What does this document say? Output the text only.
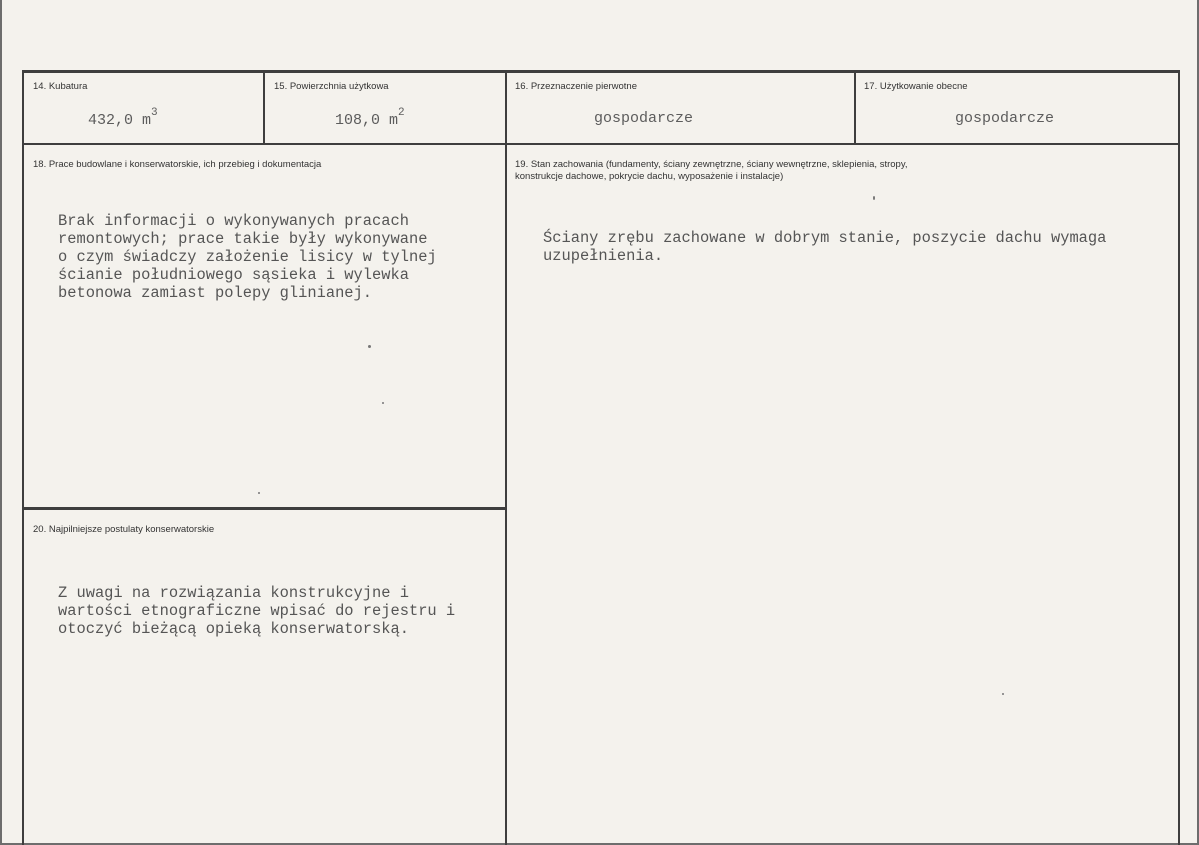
14. Kubatura
432,0 $m^3$
15. Powierzchnia użytkowa
108,0 $m^2$
16. Przeznaczenie pierwotne
gospodarcze
17. Użytkowanie obecne
gospodarcze
18. Prace budowlane i konserwatorskie, ich przebieg i dokumentacja
Brak informacji o wykonywanych pracach
remontowych; prace takie były wykonywane
o czym świadczy założenie lisicy w tylnej
ścianie południowego sąsieka i wylewka
betonowa zamiast polepy glinianej.
19. Stan zachowania (fundamenty, ściany zewnętrzne, ściany wewnętrzne, sklepienia, stropy,
konstrukcje dachowe, pokrycie dachu, wyposażenie i instalacje)
Ściany zrębu zachowane w dobrym stanie, poszycie dachu wymaga
uzupełnienia.
20. Najpilniejsze postulaty konserwatorskie
Z uwagi na rozwiązania konstrukcyjne i
wartości etnograficzne wpisać do rejestru i
otoczyć bieżącą opieką konserwatorską.
